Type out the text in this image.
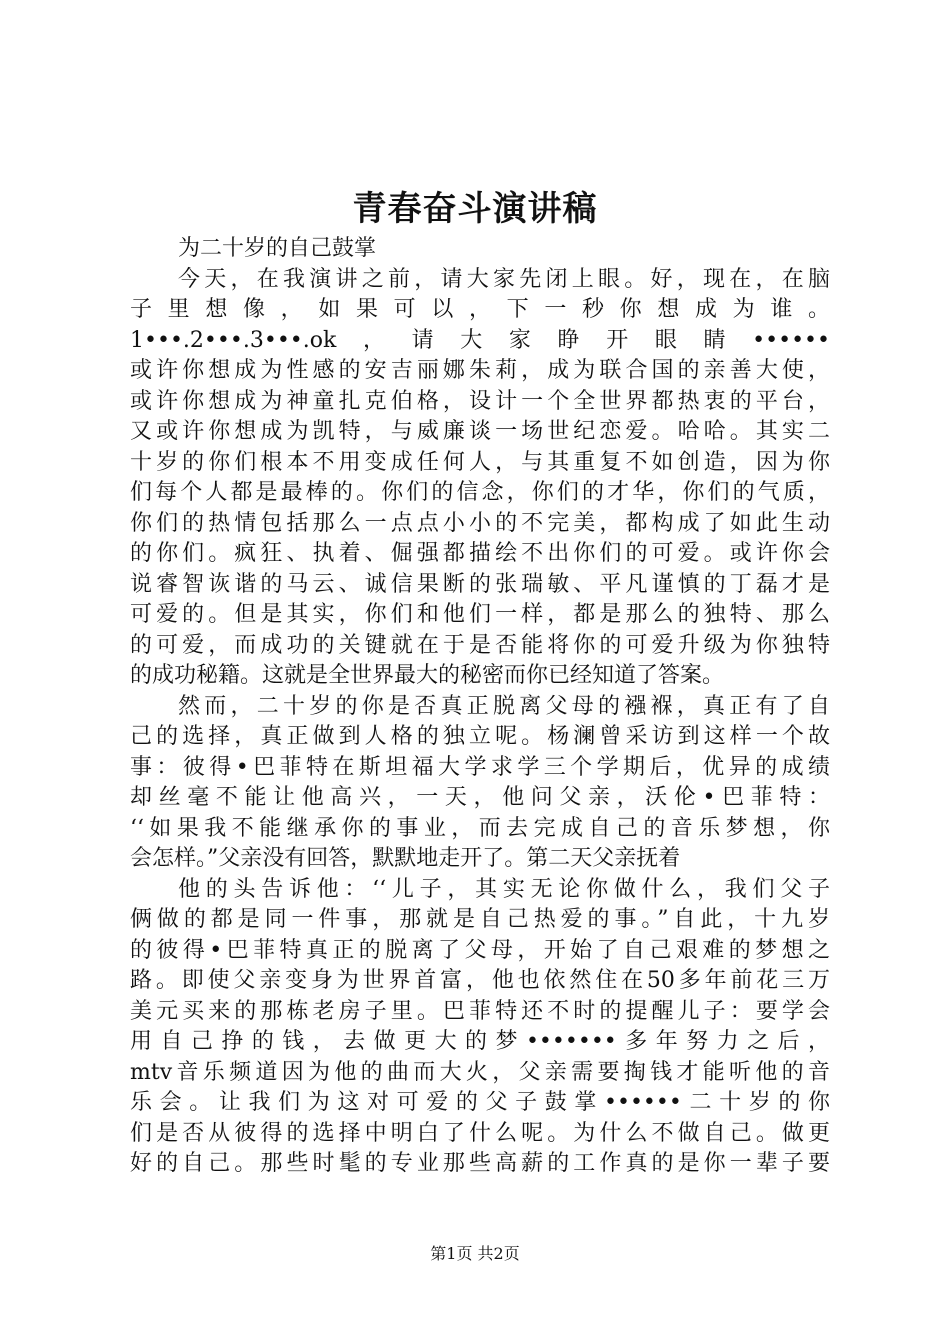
青春奋斗演讲稿
为二十岁的自己鼓掌
今天，在我演讲之前，请大家先闭上眼。好，现在，在脑
子里想像，如果可以，下一秒你想成为谁。
1•••.2•••.3•••.ok，请大家睁开眼睛••••••
或许你想成为性感的安吉丽娜朱莉，成为联合国的亲善大使，
或许你想成为神童扎克伯格，设计一个全世界都热衷的平台，
又或许你想成为凯特，与威廉谈一场世纪恋爱。哈哈。其实二
十岁的你们根本不用变成任何人，与其重复不如创造，因为你
们每个人都是最棒的。你们的信念，你们的才华，你们的气质，
你们的热情包括那么一点点小小的不完美，都构成了如此生动
的你们。疯狂、执着、倔强都描绘不出你们的可爱。或许你会
说睿智诙谐的马云、诚信果断的张瑞敏、平凡谨慎的丁磊才是
可爱的。但是其实，你们和他们一样，都是那么的独特、那么
的可爱，而成功的关键就在于是否能将你的可爱升级为你独特
的成功秘籍。这就是全世界最大的秘密而你已经知道了答案。
然而，二十岁的你是否真正脱离父母的襁褓，真正有了自
己的选择，真正做到人格的独立呢。杨澜曾采访到这样一个故
事：彼得•巴菲特在斯坦福大学求学三个学期后，优异的成绩
却丝毫不能让他高兴，一天，他问父亲，沃伦•巴菲特：
‘‘如果我不能继承你的事业，而去完成自己的音乐梦想，你
会怎样。”父亲没有回答，默默地走开了。第二天父亲抚着
他的头告诉他：‘‘儿子，其实无论你做什么，我们父子
俩做的都是同一件事，那就是自己热爱的事。”自此，十九岁
的彼得•巴菲特真正的脱离了父母，开始了自己艰难的梦想之
路。即使父亲变身为世界首富，他也依然住在50多年前花三万
美元买来的那栋老房子里。巴菲特还不时的提醒儿子：要学会
用自己挣的钱，去做更大的梦•••••••多年努力之后，
mtv音乐频道因为他的曲而大火，父亲需要掏钱才能听他的音
乐会。让我们为这对可爱的父子鼓掌••••••二十岁的你
们是否从彼得的选择中明白了什么呢。为什么不做自己。做更
好的自己。那些时髦的专业那些高薪的工作真的是你一辈子要
第1页 共2页
